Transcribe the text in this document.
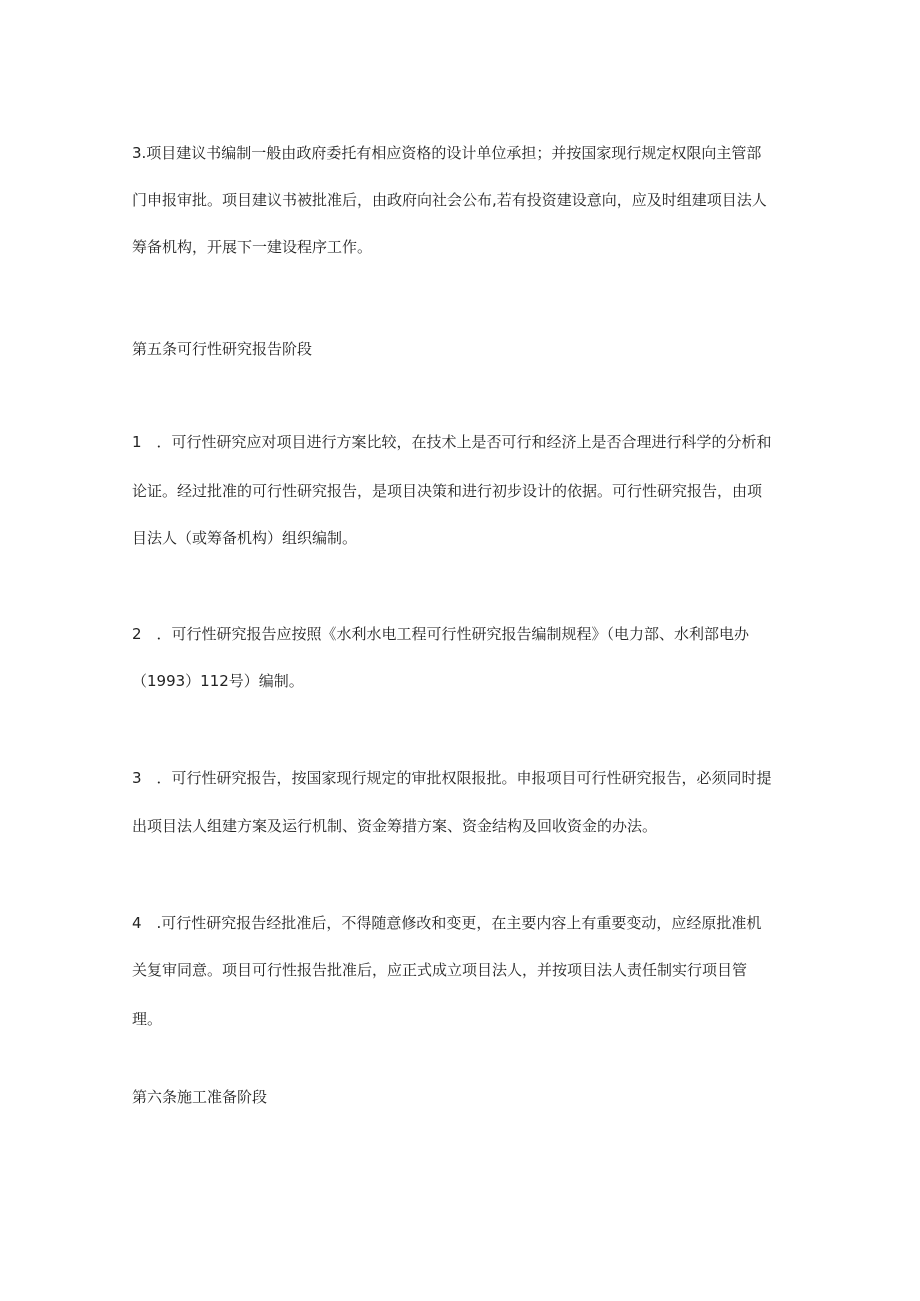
3.项目建议书编制一般由政府委托有相应资格的设计单位承担；并按国家现行规定权限向主管部

门申报审批。项目建议书被批准后，由政府向社会公布,若有投资建设意向，应及时组建项目法人

筹备机构，开展下一建设程序工作。

第五条可行性研究报告阶段

1　．可行性研究应对项目进行方案比较，在技术上是否可行和经济上是否合理进行科学的分析和

论证。经过批准的可行性研究报告，是项目决策和进行初步设计的依据。可行性研究报告，由项

目法人（或筹备机构）组织编制。

2　．可行性研究报告应按照《水利水电工程可行性研究报告编制规程》（电力部、水利部电办

（1993）112号）编制。

3　．可行性研究报告，按国家现行规定的审批权限报批。申报项目可行性研究报告，必须同时提

出项目法人组建方案及运行机制、资金筹措方案、资金结构及回收资金的办法。

4　.可行性研究报告经批准后，不得随意修改和变更，在主要内容上有重要变动，应经原批准机

关复审同意。项目可行性报告批准后，应正式成立项目法人，并按项目法人责任制实行项目管

理。

第六条施工准备阶段
